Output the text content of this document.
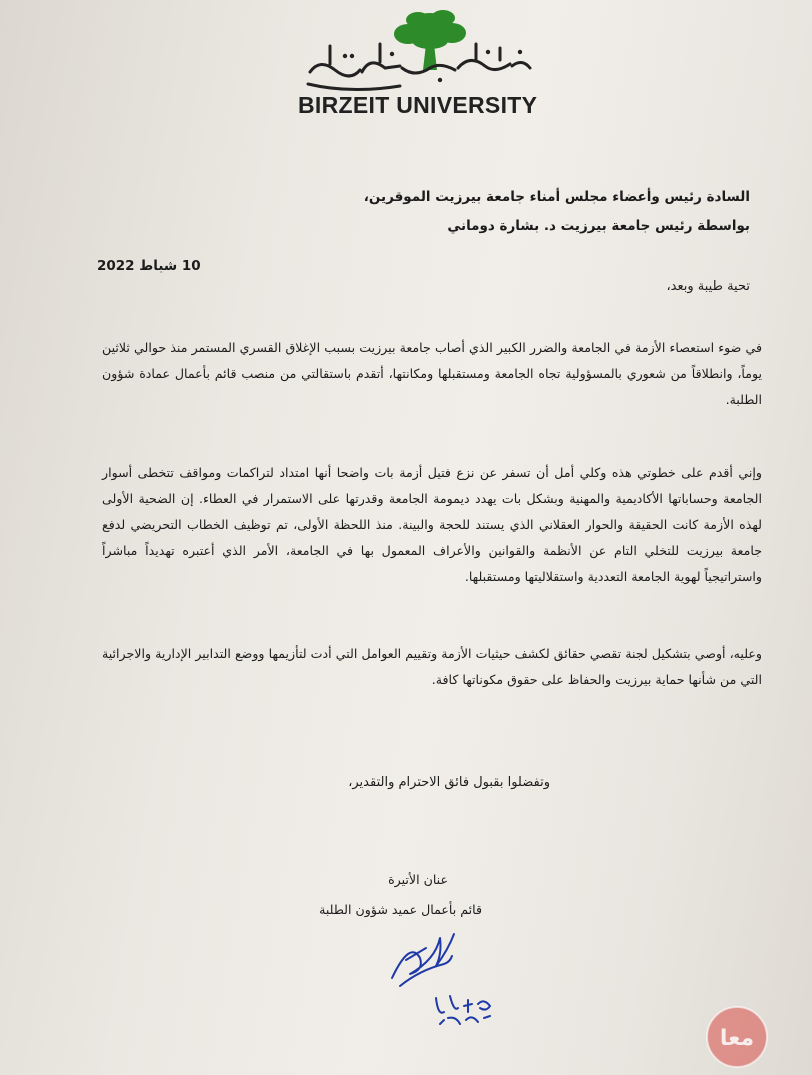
BIRZEIT UNIVERSITY
السادة رئيس وأعضاء مجلس أمناء جامعة بيرزيت الموقرين،
بواسطة رئيس جامعة بيرزيت د. بشارة دوماني
10 شباط 2022
تحية طيبة وبعد،
في ضوء استعصاء الأزمة في الجامعة والضرر الكبير الذي أصاب جامعة بيرزيت بسبب الإغلاق القسري المستمر منذ حوالي ثلاثين يوماً، وانطلاقاً من شعوري بالمسؤولية تجاه الجامعة ومستقبلها ومكانتها، أتقدم باستقالتي من منصب قائم بأعمال عمادة شؤون الطلبة.
وإني أقدم على خطوتي هذه وكلي أمل أن تسفر عن نزع فتيل أزمة بات واضحا أنها امتداد لتراكمات ومواقف تتخطى أسوار الجامعة وحساباتها الأكاديمية والمهنية وبشكل بات يهدد ديمومة الجامعة وقدرتها على الاستمرار في العطاء. إن الضحية الأولى لهذه الأزمة كانت الحقيقة والحوار العقلاني الذي يستند للحجة والبينة. منذ اللحظة الأولى، تم توظيف الخطاب التحريضي لدفع جامعة بيرزيت للتخلي التام عن الأنظمة والقوانين والأعراف المعمول بها في الجامعة، الأمر الذي أعتبره تهديداً مباشراً واستراتيجياً لهوية الجامعة التعددية واستقلاليتها ومستقبلها.
وعليه، أوصي بتشكيل لجنة تقصي حقائق لكشف حيثيات الأزمة وتقييم العوامل التي أدت لتأزيمها ووضع التدابير الإدارية والاجرائية التي من شأنها حماية بيرزيت والحفاظ على حقوق مكوناتها كافة.
وتفضلوا بقبول فائق الاحترام والتقدير،
عنان الأتيرة
قائم بأعمال عميد شؤون الطلبة
معا
